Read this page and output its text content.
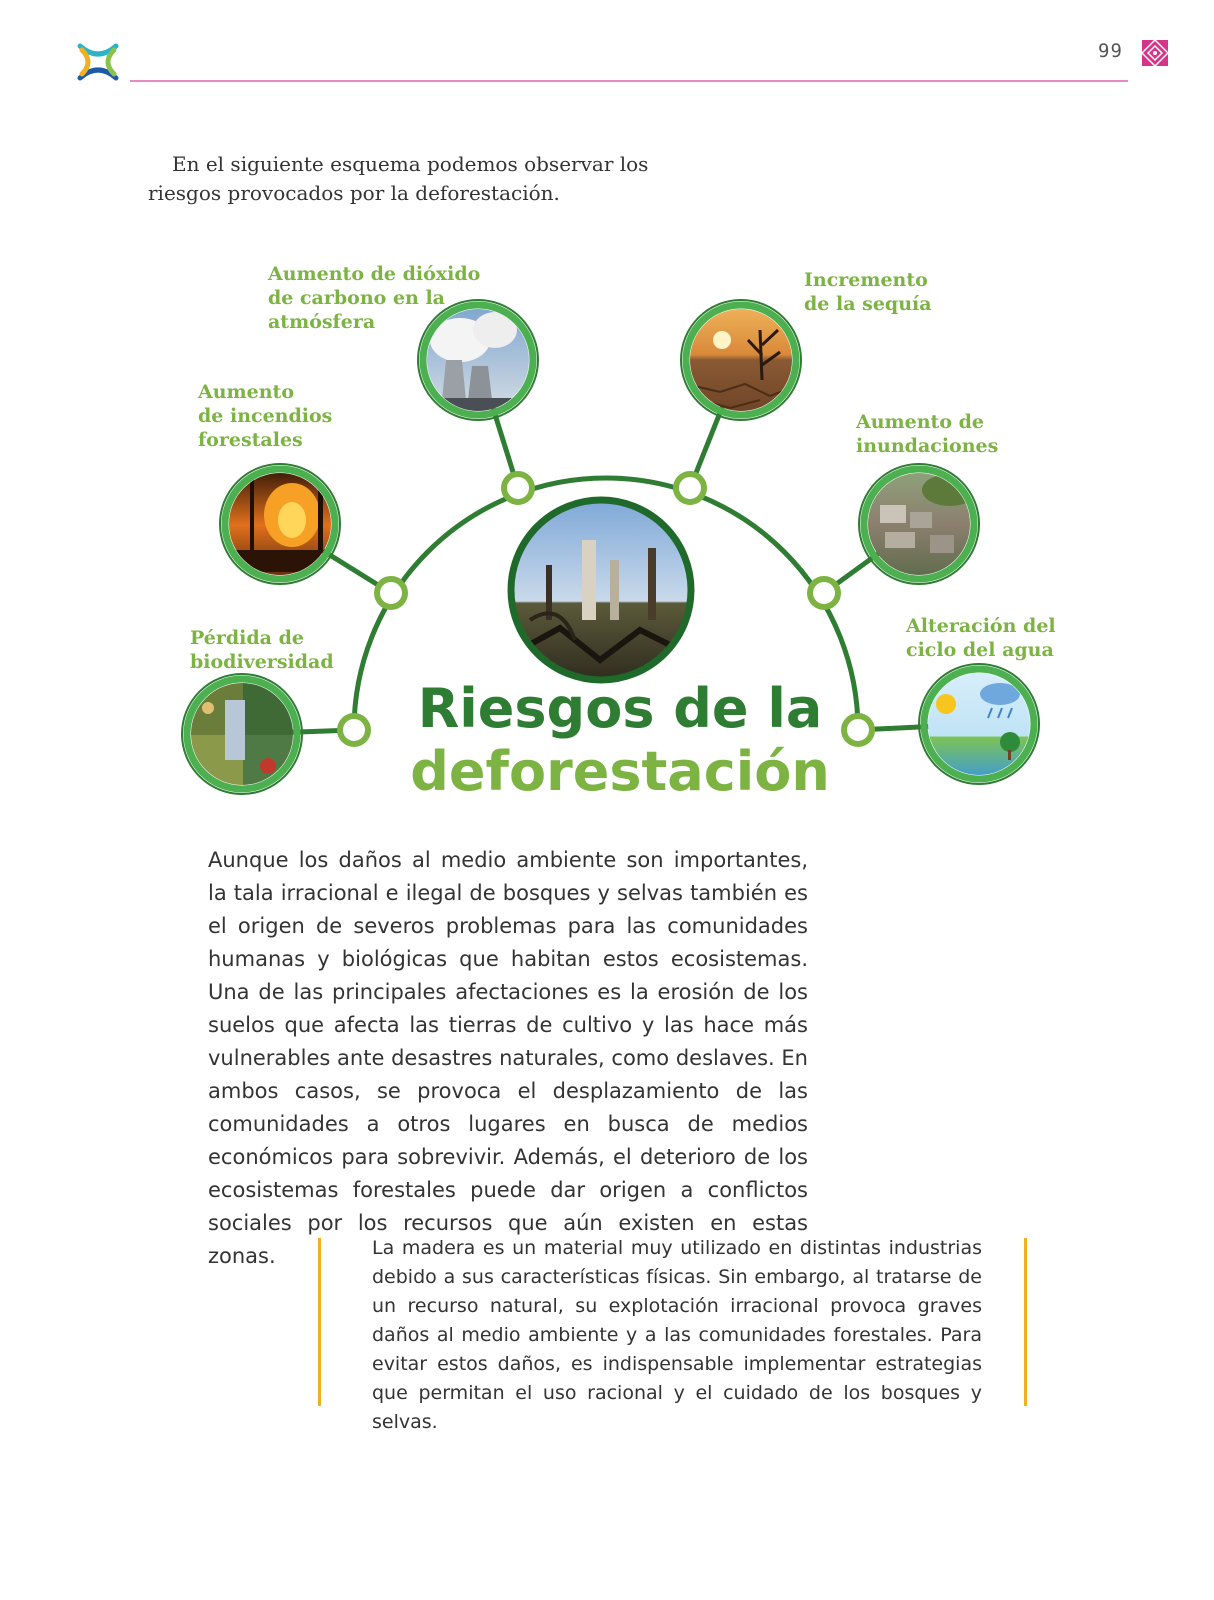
99
En el siguiente esquema podemos observar los riesgos provocados por la deforestación.
Aumento de dióxido
de carbono en la
atmósfera
Aumento
de incendios
forestales
Pérdida de
biodiversidad
Incremento
de la sequía
Aumento de
inundaciones
Alteración del
ciclo del agua
Riesgos de la
deforestación
Aunque los daños al medio ambiente son importantes, la tala irracional e ilegal de bosques y selvas también es el origen de severos problemas para las comunidades humanas y biológicas que habitan estos ecosistemas. Una de las principales afectaciones es la erosión de los suelos que afecta las tierras de cultivo y las hace más vulnerables ante desastres naturales, como deslaves. En ambos casos, se provoca el desplazamiento de las comunidades a otros lugares en busca de medios económicos para sobrevivir. Además, el deterioro de los ecosistemas forestales puede dar origen a conflictos sociales por los recursos que aún existen en estas zonas.	La madera es un material muy utilizado en distintas industrias debido a sus características físicas. Sin embargo, al tratarse de un recurso natural, su explotación irracional provoca graves daños al medio ambiente y a las comunidades forestales. Para evitar estos daños, es indispensable implementar estrategias que permitan el uso racional y el cuidado de los bosques y selvas.
